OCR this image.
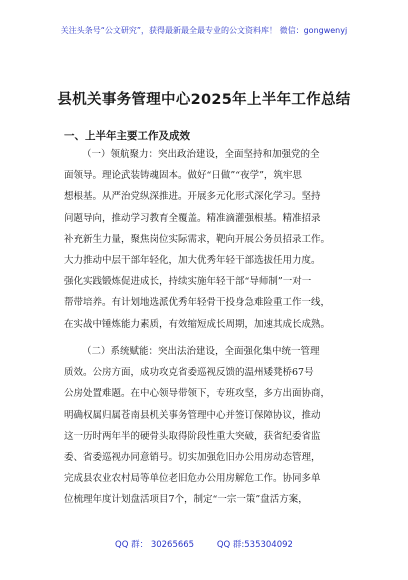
关注头条号“公文研究”，获得最新最全最专业的公文资料库！ 微信：gongwenyj
县机关事务管理中心2025年上半年工作总结
一、上半年主要工作及成效
（一）领航聚力：突出政治建设，全面坚持和加强党的全
面领导。理论武装铸魂固本。做好“日做”“夜学”，筑牢思
想根基。从严治党纵深推进。开展多元化形式深化学习。坚持
问题导向，推动学习教育全覆盖。精准滴灌强根基。精准招录
补充新生力量，聚焦岗位实际需求，靶向开展公务员招录工作。
大力推动中层干部年轻化，加大优秀年轻干部选拔任用力度。
强化实践锻炼促进成长，持续实施年轻干部“导师制”一对一
帮带培养。有计划地选派优秀年轻骨干投身急难险重工作一线，
在实战中锤炼能力素质，有效缩短成长周期，加速其成长成熟。
（二）系统赋能：突出法治建设，全面强化集中统一管理
质效。公房方面，成功攻克省委巡视反馈的温州矮凳桥67号
公房处置难题。在中心领导带领下，专班攻坚，多方出面协商，
明确权属归属苍南县机关事务管理中心并签订保障协议，推动
这一历时两年半的硬骨头取得阶段性重大突破，获省纪委省监
委、省委巡视办同意销号。切实加强危旧办公用房动态管理，
完成县农业农村局等单位老旧危办公用房解危工作。协同多单
位梳理年度计划盘活项目7个，制定“一宗一策”盘活方案，
QQ 群： 30265665	QQ 群:535304092
